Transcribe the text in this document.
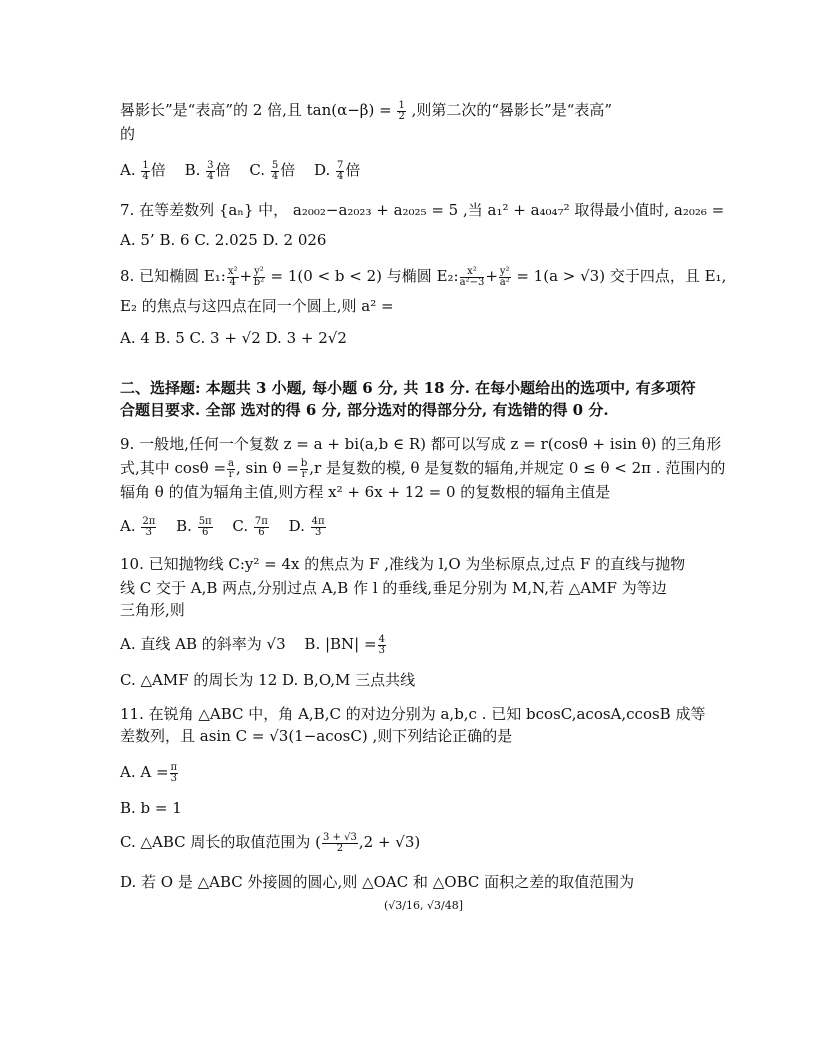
晷影长”是“表高”的 2 倍,且 $\tan(\alpha-\beta) = \frac{1}{2}$ ,则第二次的“晷影长”是“表高”
的
A. $\frac{1}{4}$ 倍 B. $\frac{3}{4}$ 倍 C. $\frac{5}{4}$ 倍 D. $\frac{7}{4}$ 倍
7. 在等差数列 {aₙ} 中， a₂₀₀₂−a₂₀₂₃ + a₂₀₂₅ = 5 ,当 a₁² + a₄₀₄₇² 取得最小值时, a₂₀₂₆ =
A. 5’ B. 6 C. 2.025 D. 2 026
8. 已知椭圆 E₁: $\frac{\text{x²}}{4} + \frac{\text{y²}}{\text{b²}} = 1(0 < b < 2)$ 与椭圆 E₂: $\frac{\text{x²}}{\text{a²−3}} + \frac{\text{y²}}{\text{a²}} = 1(a > √3)$ 交于四点，且 E₁,
E₂ 的焦点与这四点在同一个圆上,则 a² =
A. 4 B. 5 C. 3 + √2 D. 3 + 2√2
二、选择题: 本题共 3 小题, 每小题 6 分, 共 18 分. 在每小题给出的选项中, 有多项符
合题目要求. 全部 选对的得 6 分, 部分选对的得部分分, 有选错的得 0 分.
9. 一般地,任何一个复数 z = a + bi(a,b ∈ R) 都可以写成 z = r(cosθ + isin θ) 的三角形
式,其中 $\cos\theta = \frac{a}{r}$ , $\sin \theta = \frac{b}{r} ,r$ 是复数的模, θ 是复数的辐角,并规定 0 ≤ θ < 2π . 范围内的
辐角 θ 的值为辐角主值,则方程 x² + 6x + 12 = 0 的复数根的辐角主值是
A. $\frac{2\pi}{3} B$. $\frac{5\pi}{6} C$. $\frac{7\pi}{6} D$. $\frac{4\pi}{3}$
10. 已知抛物线 C:y² = 4x 的焦点为 F ,准线为 l,O 为坐标原点,过点 F 的直线与抛物
线 C 交于 A,B 两点,分别过点 A,B 作 l 的垂线,垂足分别为 M,N,若 △AMF 为等边
三角形,则
A. 直线 AB 的斜率为 √3 B. $|BN| = \frac{4}{3}$
C. △AMF 的周长为 12 D. B,O,M 三点共线
11. 在锐角 △ABC 中，角 A,B,C 的对边分别为 a,b,c . 已知 bcosC,acosA,ccosB 成等
差数列，且 asin C = √3(1−acosC) ,则下列结论正确的是
A. $A = \frac{\pi}{3}$
B. b = 1
C. △ABC 周长的取值范围为 ( $\frac{3 + √3}{2} ,2 + √3$)
D. 若 O 是 △ABC 外接圆的圆心,则 △OAC 和 △OBC 面积之差的取值范围为
(√3/16, √3/48]
